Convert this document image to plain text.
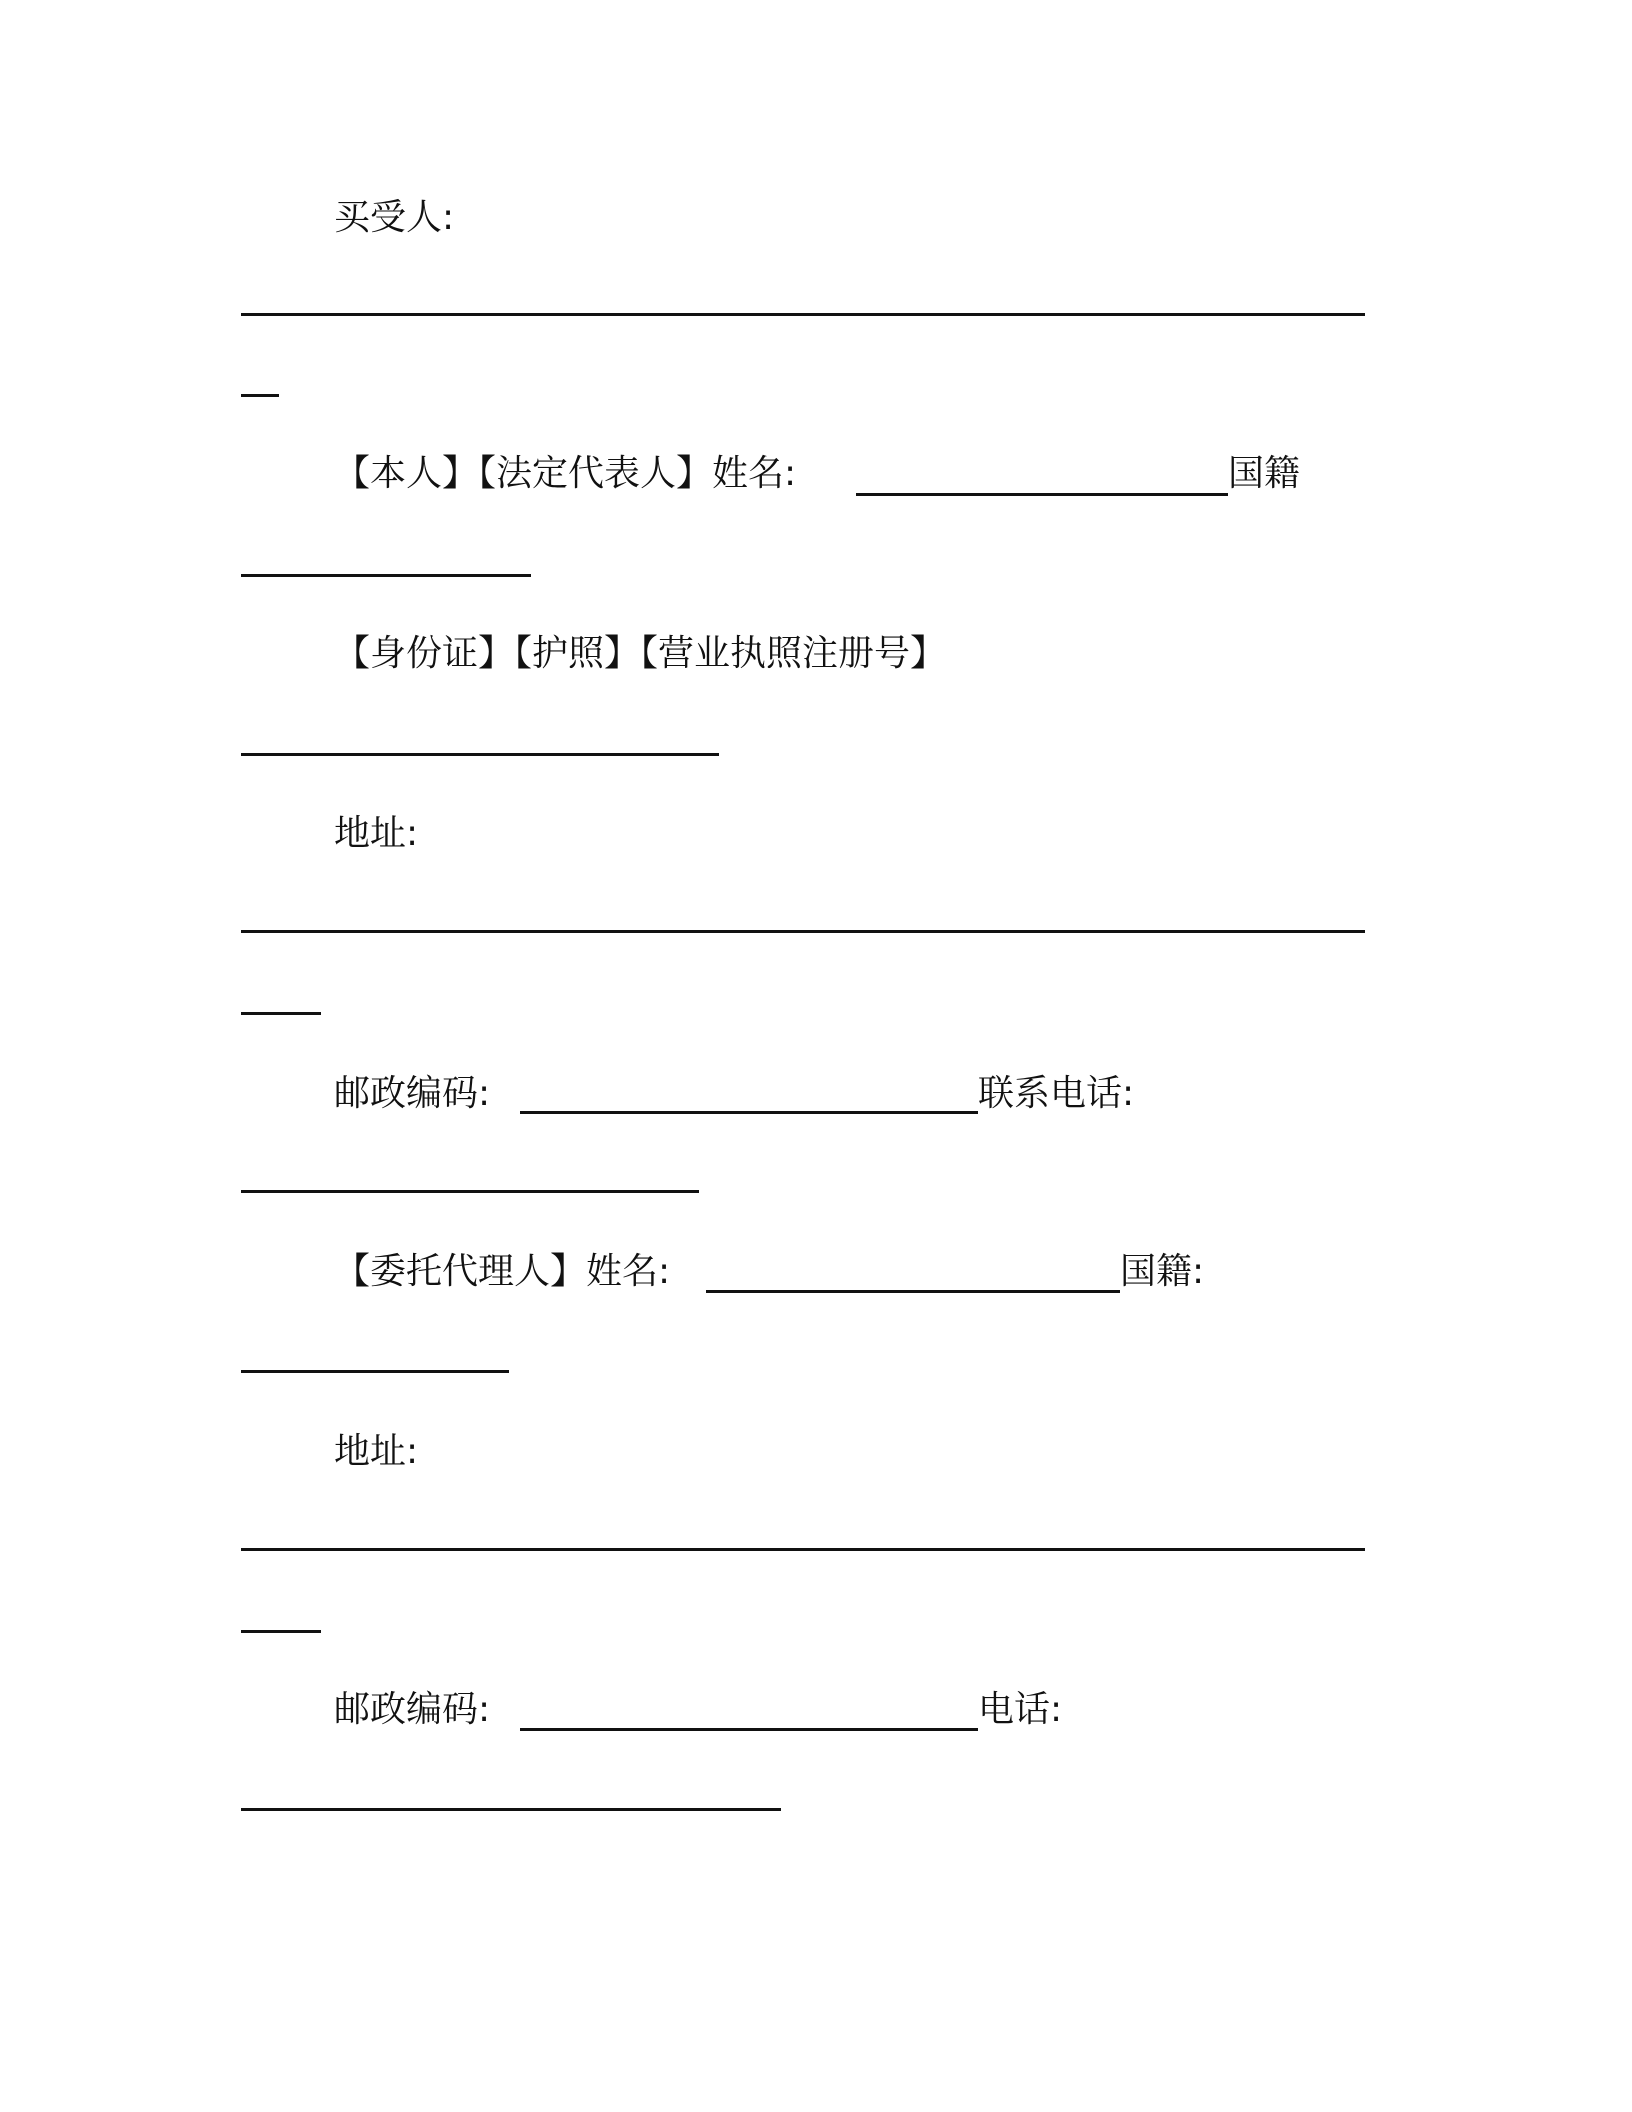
买受人:
【本人】【法定代表人】姓名:	国籍
【身份证】【护照】【营业执照注册号】
地址:
邮政编码:	联系电话:
【委托代理人】姓名:	国籍:
地址:
邮政编码:	电话:
